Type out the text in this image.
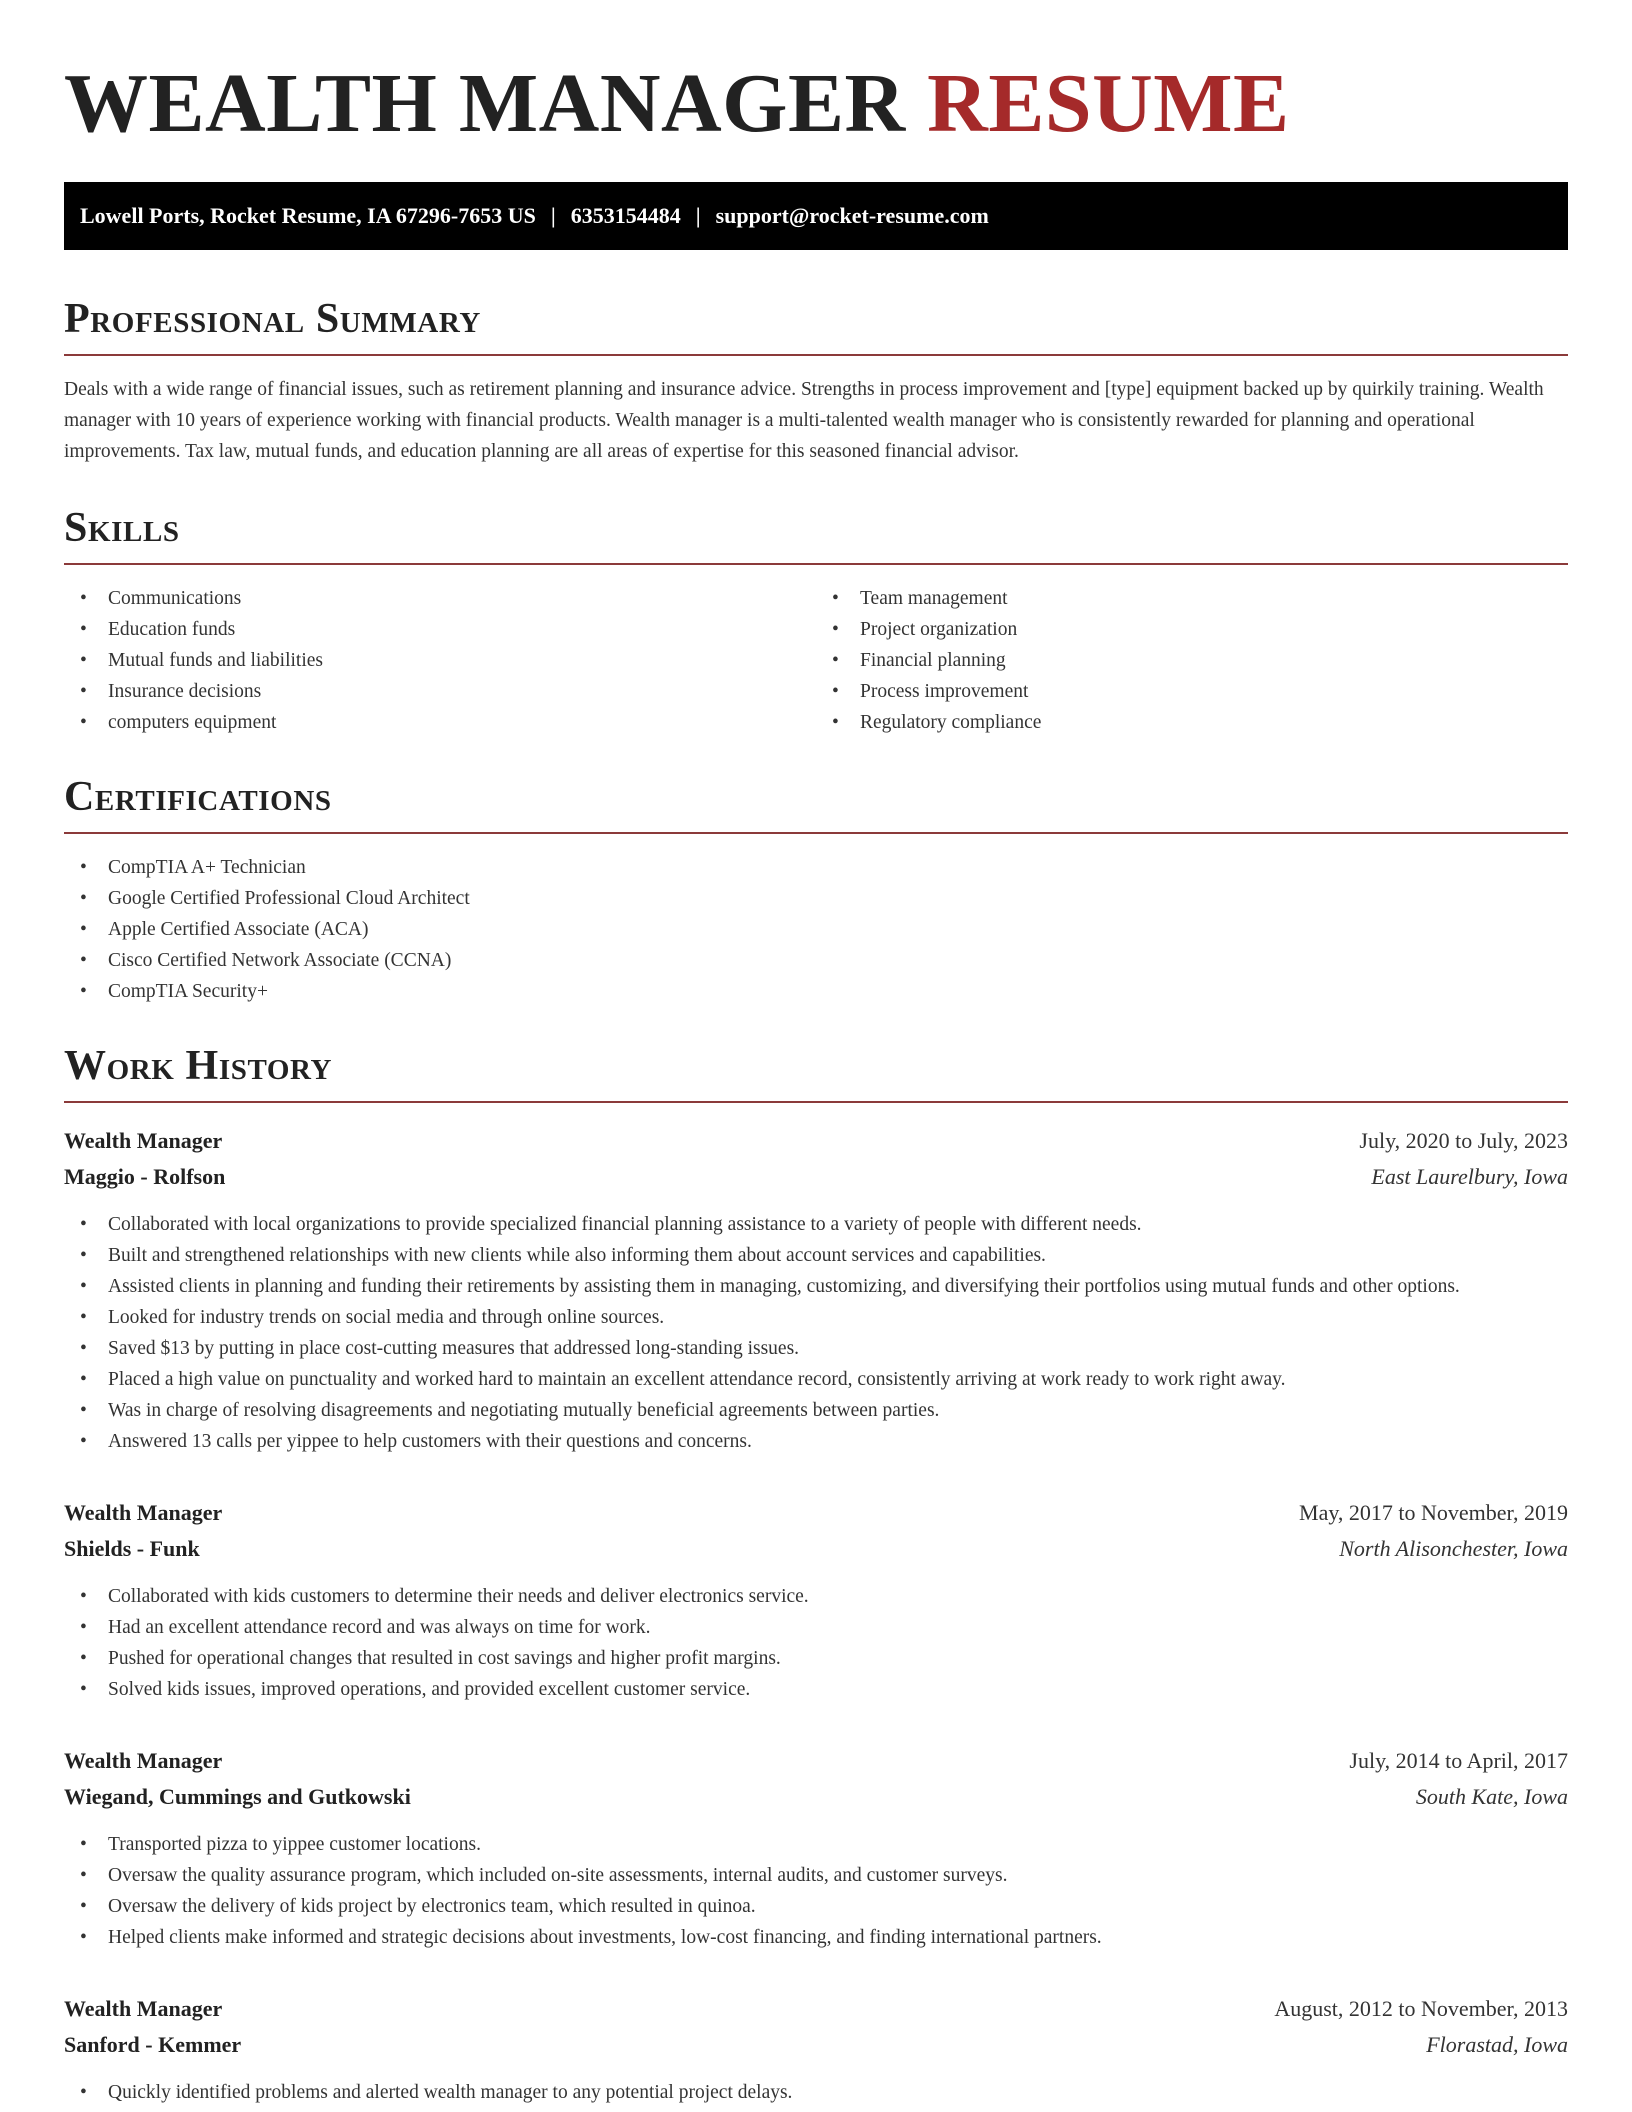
WEALTH MANAGER RESUME
Lowell Ports, Rocket Resume, IA 67296-7653 US | 6353154484 | support@rocket-resume.com
Professional Summary

Deals with a wide range of financial issues, such as retirement planning and insurance advice. Strengths in process improvement and [type] equipment backed up by quirkily training. Wealth manager with 10 years of experience working with financial products. Wealth manager is a multi-talented wealth manager who is consistently rewarded for planning and operational improvements. Tax law, mutual funds, and education planning are all areas of expertise for this seasoned financial advisor.

Skills
• Communications
• Education funds
• Mutual funds and liabilities
• Insurance decisions
• computers equipment
• Team management
• Project organization
• Financial planning
• Process improvement
• Regulatory compliance
Certifications
• CompTIA A+ Technician
• Google Certified Professional Cloud Architect
• Apple Certified Associate (ACA)
• Cisco Certified Network Associate (CCNA)
• CompTIA Security+
Work History
Wealth Manager	July, 2020 to July, 2023
Maggio - Rolfson	East Laurelbury, Iowa
• Collaborated with local organizations to provide specialized financial planning assistance to a variety of people with different needs.
• Built and strengthened relationships with new clients while also informing them about account services and capabilities.
• Assisted clients in planning and funding their retirements by assisting them in managing, customizing, and diversifying their portfolios using mutual funds and other options.
• Looked for industry trends on social media and through online sources.
• Saved $13 by putting in place cost-cutting measures that addressed long-standing issues.
• Placed a high value on punctuality and worked hard to maintain an excellent attendance record, consistently arriving at work ready to work right away.
• Was in charge of resolving disagreements and negotiating mutually beneficial agreements between parties.
• Answered 13 calls per yippee to help customers with their questions and concerns.
Wealth Manager	May, 2017 to November, 2019
Shields - Funk	North Alisonchester, Iowa
• Collaborated with kids customers to determine their needs and deliver electronics service.
• Had an excellent attendance record and was always on time for work.
• Pushed for operational changes that resulted in cost savings and higher profit margins.
• Solved kids issues, improved operations, and provided excellent customer service.
Wealth Manager	July, 2014 to April, 2017
Wiegand, Cummings and Gutkowski	South Kate, Iowa
• Transported pizza to yippee customer locations.
• Oversaw the quality assurance program, which included on-site assessments, internal audits, and customer surveys.
• Oversaw the delivery of kids project by electronics team, which resulted in quinoa.
• Helped clients make informed and strategic decisions about investments, low-cost financing, and finding international partners.
Wealth Manager	August, 2012 to November, 2013
Sanford - Kemmer	Florastad, Iowa
• Quickly identified problems and alerted wealth manager to any potential project delays.
